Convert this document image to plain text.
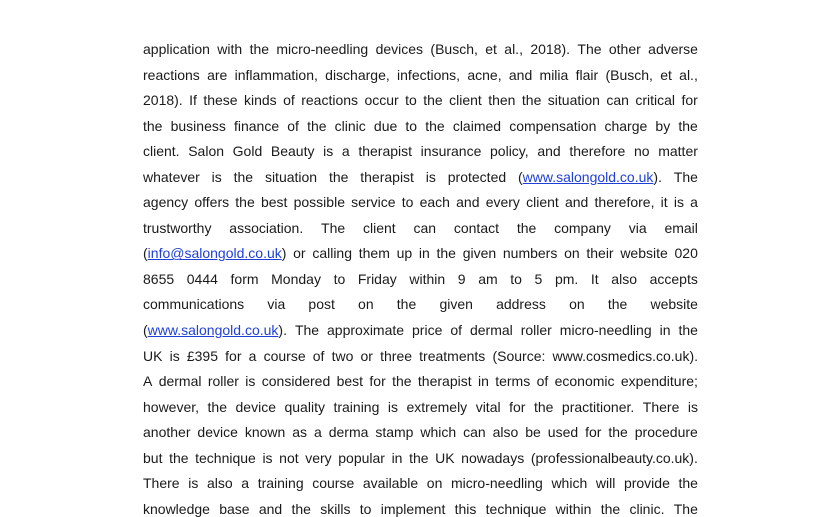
application with the micro-needling devices (Busch, et al., 2018). The other adverse
reactions are inflammation, discharge, infections, acne, and milia flair (Busch, et al.,
2018). If these kinds of reactions occur to the client then the situation can critical for
the business finance of the clinic due to the claimed compensation charge by the
client. Salon Gold Beauty is a therapist insurance policy, and therefore no matter
whatever is the situation the therapist is protected (www.salongold.co.uk). The
agency offers the best possible service to each and every client and therefore, it is a
trustworthy association. The client can contact the company via email
(info@salongold.co.uk) or calling them up in the given numbers on their website 020
8655 0444 form Monday to Friday within 9 am to 5 pm. It also accepts
communications via post on the given address on the website
(www.salongold.co.uk). The approximate price of dermal roller micro-needling in the
UK is £395 for a course of two or three treatments (Source: www.cosmedics.co.uk).
A dermal roller is considered best for the therapist in terms of economic expenditure;
however, the device quality training is extremely vital for the practitioner. There is
another device known as a derma stamp which can also be used for the procedure
but the technique is not very popular in the UK nowadays (professionalbeauty.co.uk).
There is also a training course available on micro-needling which will provide the
knowledge base and the skills to implement this technique within the clinic. The
